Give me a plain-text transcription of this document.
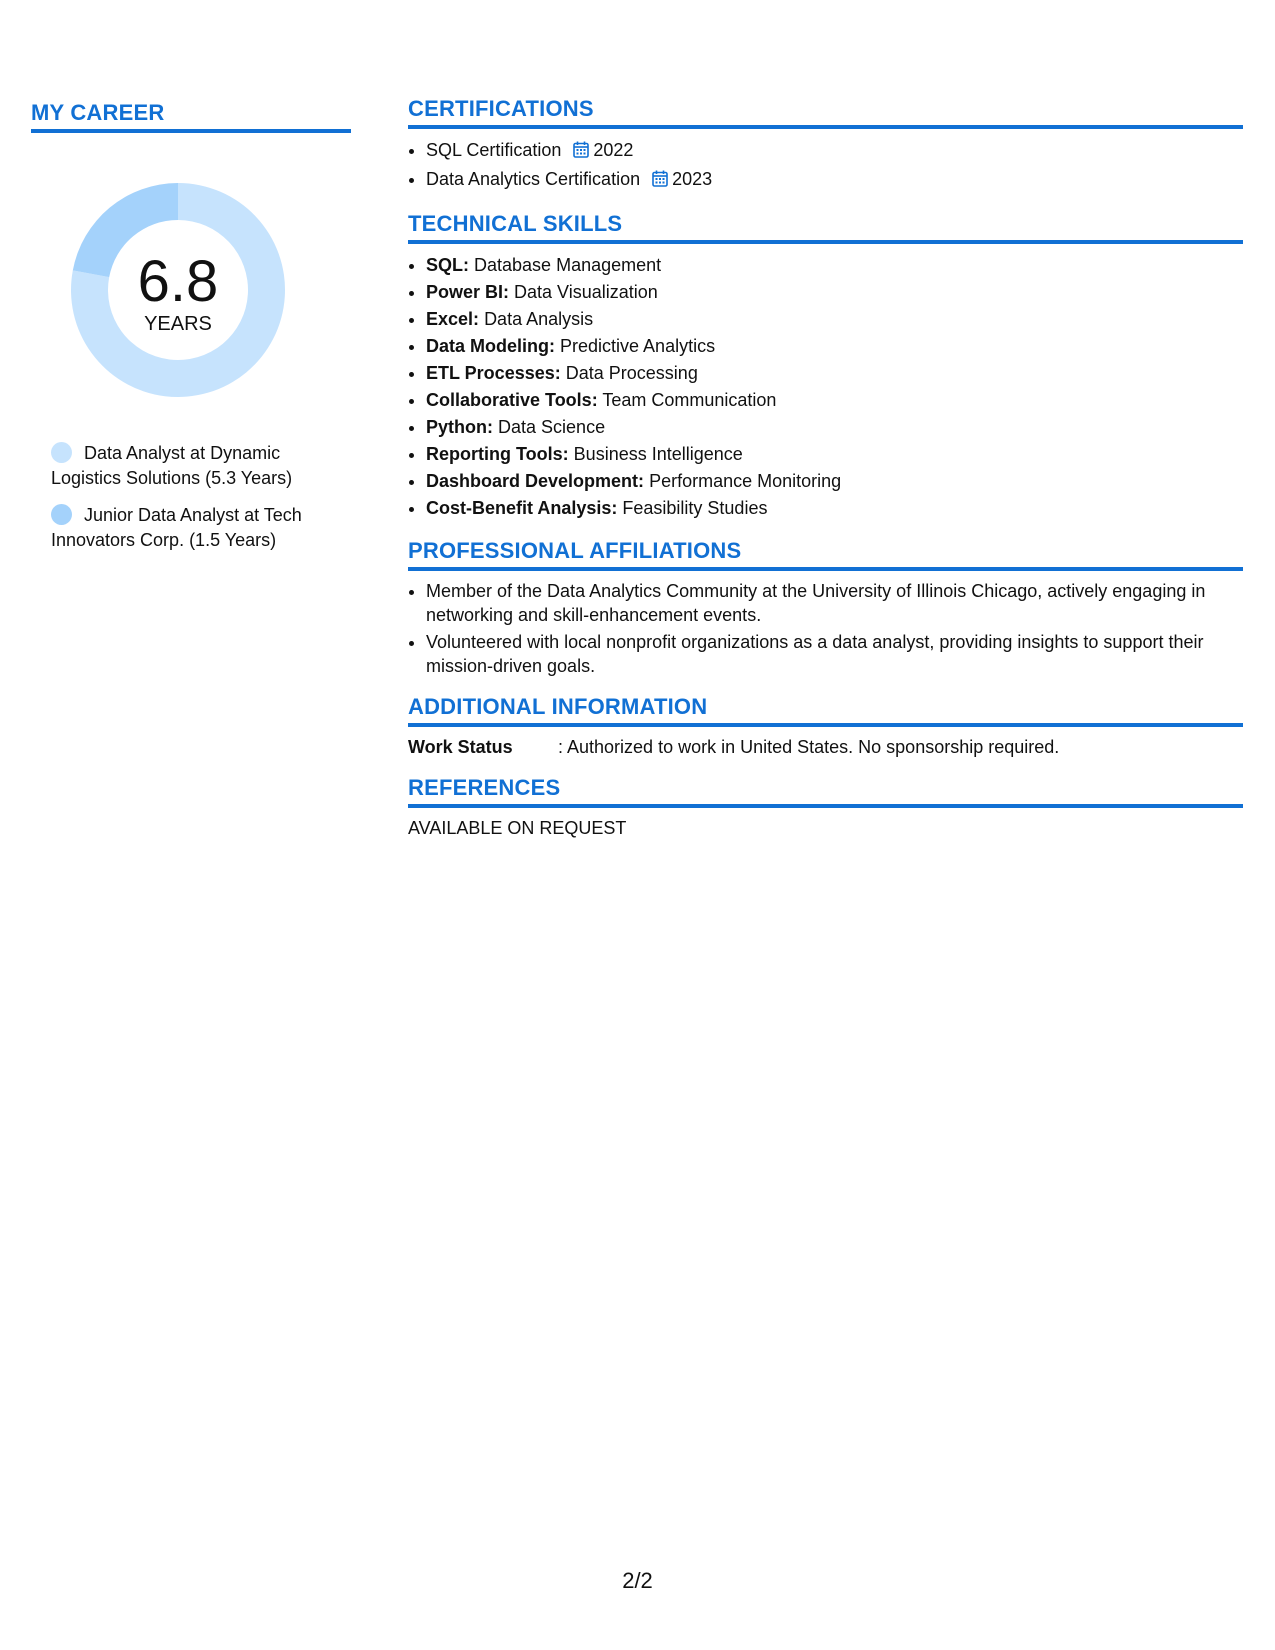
MY CAREER
6.8
YEARS
Data Analyst at Dynamic Logistics Solutions (5.3 Years)
Junior Data Analyst at Tech Innovators Corp. (1.5 Years)
CERTIFICATIONS
• SQL Certification 2022
• Data Analytics Certification 2023
TECHNICAL SKILLS
• SQL: Database Management
• Power BI: Data Visualization
• Excel: Data Analysis
• Data Modeling: Predictive Analytics
• ETL Processes: Data Processing
• Collaborative Tools: Team Communication
• Python: Data Science
• Reporting Tools: Business Intelligence
• Dashboard Development: Performance Monitoring
• Cost-Benefit Analysis: Feasibility Studies
PROFESSIONAL AFFILIATIONS
• Member of the Data Analytics Community at the University of Illinois Chicago, actively engaging in networking and skill-enhancement events.
• Volunteered with local nonprofit organizations as a data analyst, providing insights to support their mission-driven goals.
ADDITIONAL INFORMATION
Work Status	: Authorized to work in United States. No sponsorship required.
REFERENCES
AVAILABLE ON REQUEST
2/2
